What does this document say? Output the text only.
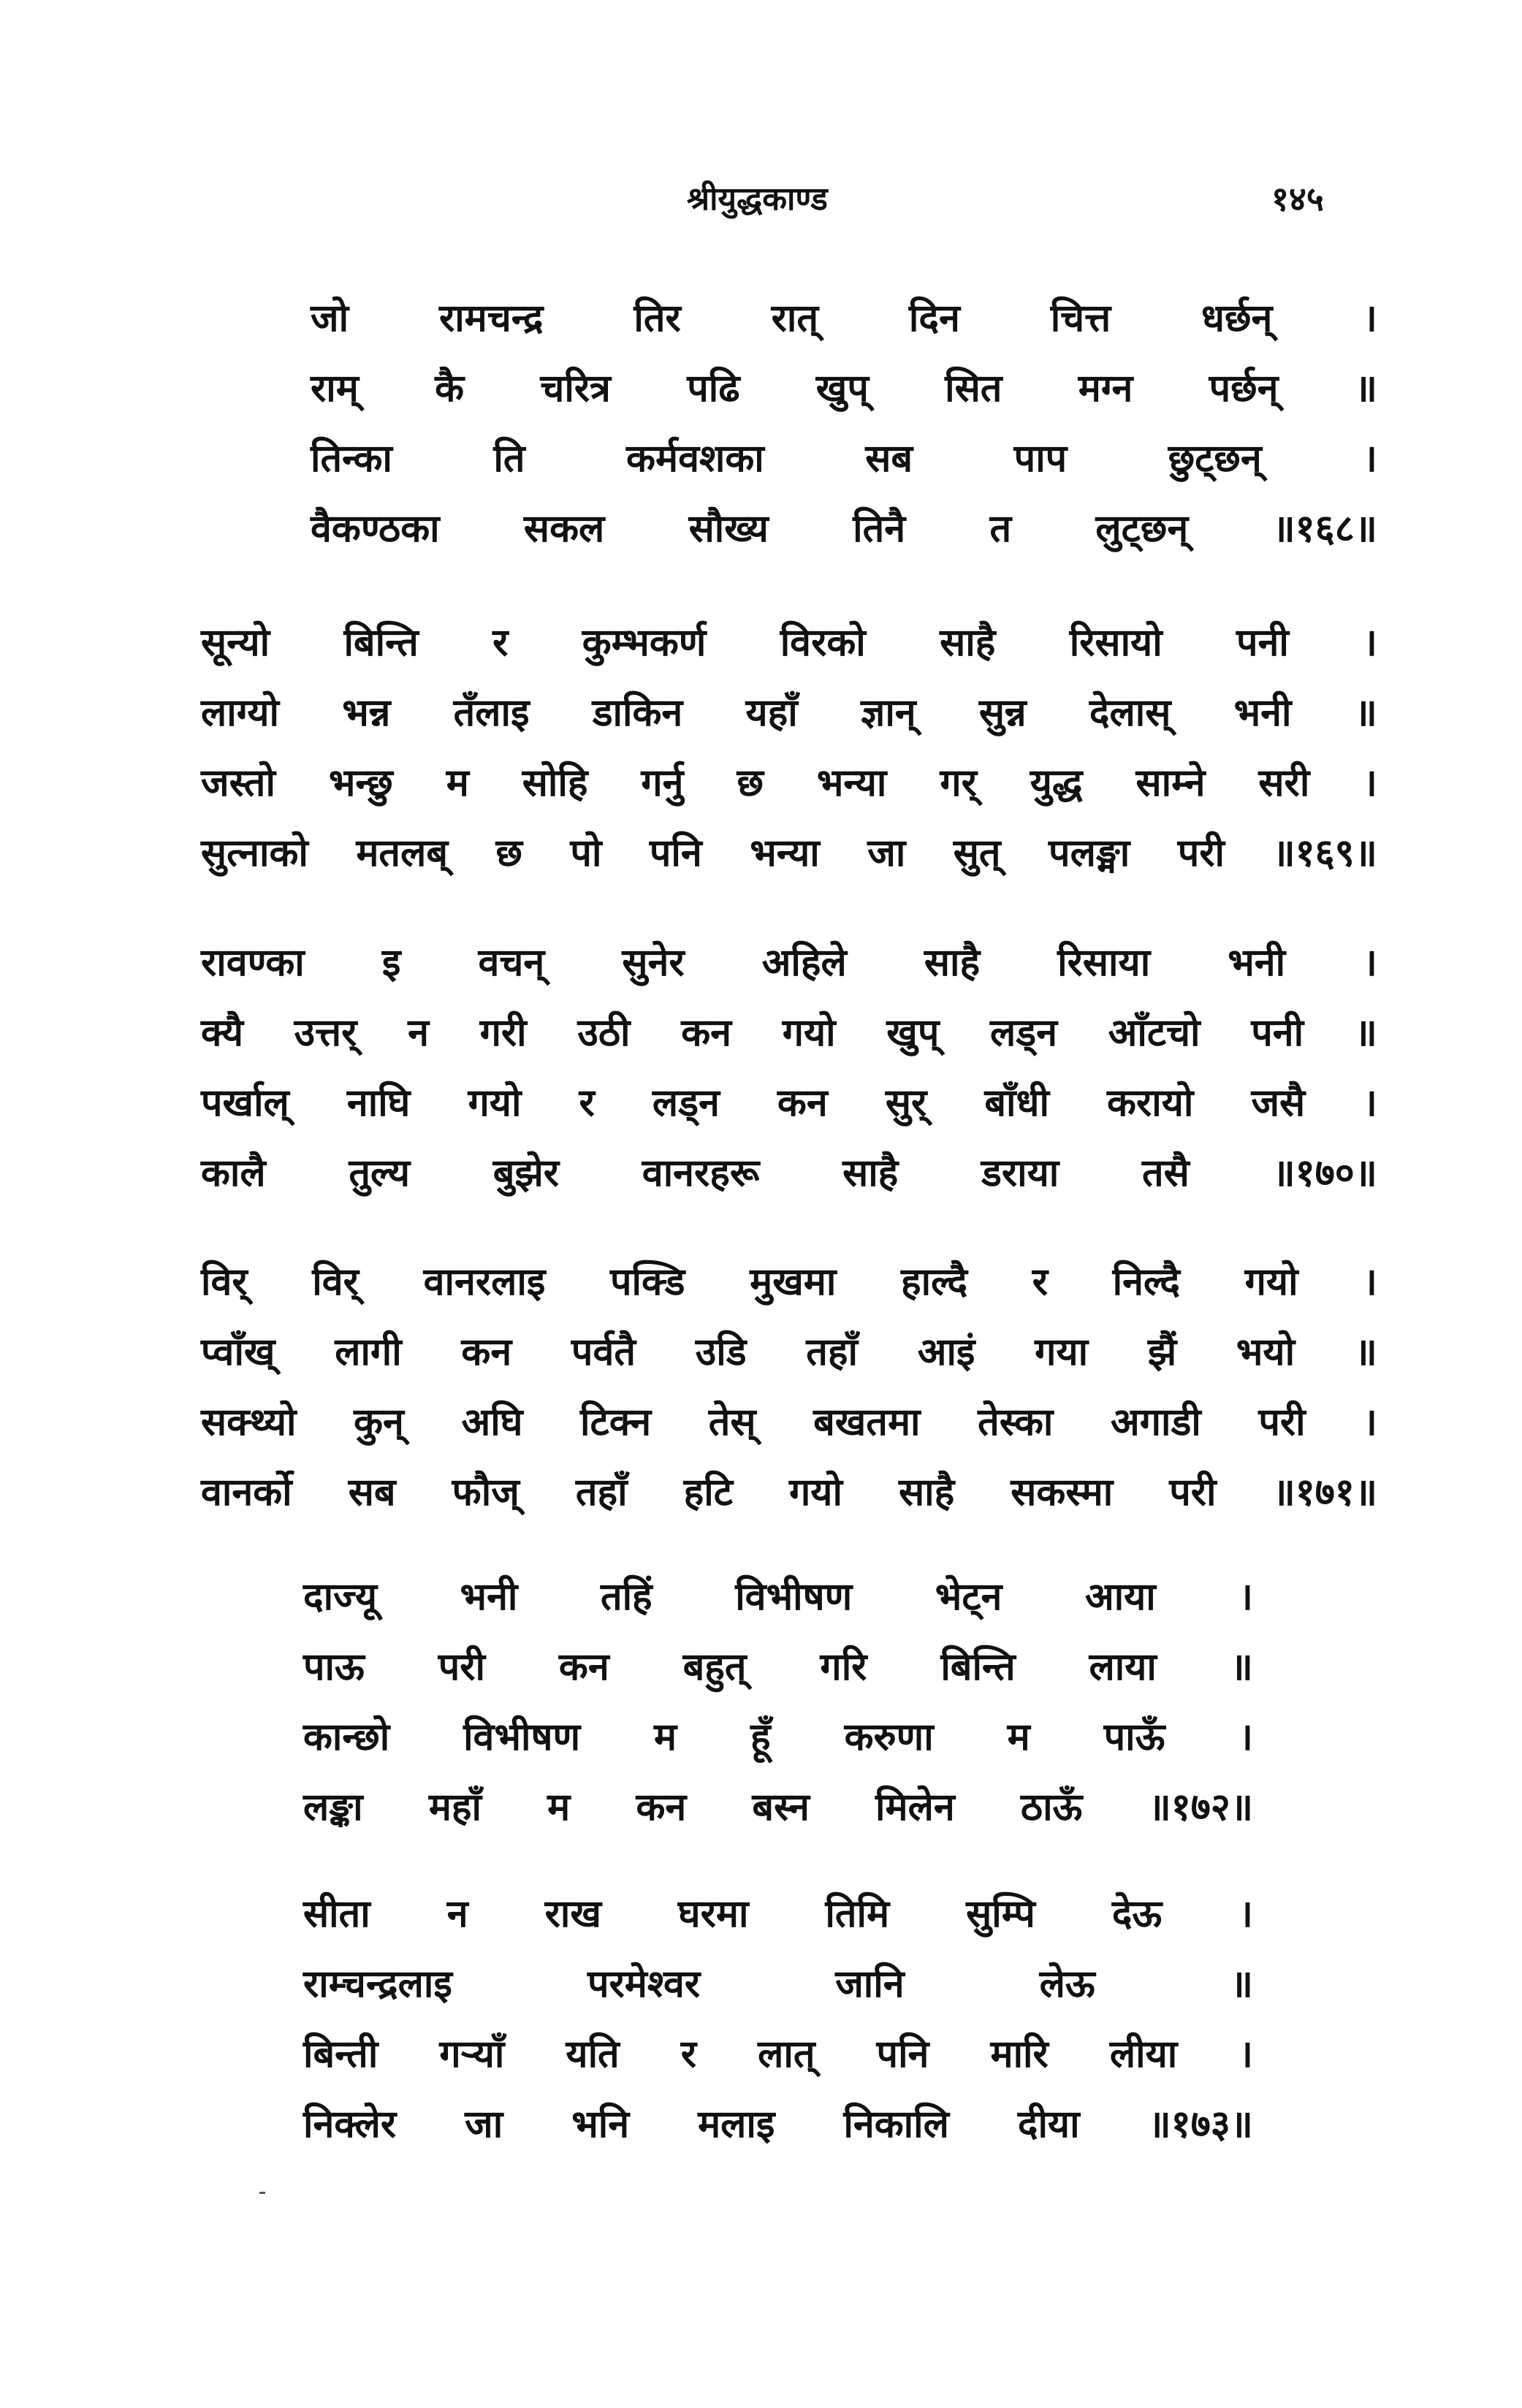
श्रीयुद्धकाण्ड	१४५
जो रामचन्द्र तिर रात् दिन चित्त धर्छन् ।
राम् कै चरित्र पढि खुप् सित मग्न पर्छन् ॥
तिन्का	ति	कर्मवशका	सब	पाप	छुट्छन्	।
वैकण्ठका सकल सौख्य तिनै त लुट्छन् ॥१६८॥
सून्यो बिन्ति र कुम्भकर्ण विरको साहै रिसायो पनी ।
लाग्यो भन्न तँलाइ डाकिन यहाँ ज्ञान् सुन्न देलास् भनी ॥
जस्तो भन्छु म सोहि गर्नु छ भन्या गर् युद्ध साम्ने सरी ।
सुत्नाको मतलब् छ पो पनि भन्या जा सुत् पलङ्मा परी ॥१६९॥
रावण्का इ वचन् सुनेर अहिले साहै रिसाया भनी ।
क्यै उत्तर् न गरी उठी कन गयो खुप् लड्न आँटचो पनी ॥
पर्खाल् नाघि गयो र लड्न कन सुर् बाँधी करायो जसै ।
कालै तुल्य बुझेर वानरहरू साहै डराया तसै ॥१७०॥
विर् विर् वानरलाइ पक्डि मुखमा हाल्दै र निल्दै गयो ।
प्वाँख् लागी कन पर्वतै उडि तहाँ आइं गया झैं भयो ॥
सक्थ्यो कुन् अघि टिक्न तेस् बखतमा तेस्का अगाडी परी ।
वानर्को सब फौज् तहाँ हटि गयो साहै सकस्मा परी ॥१७१॥
दाज्यू भनी तहिं विभीषण भेट्न आया ।
पाऊ परी कन बहुत् गरि बिन्ति लाया ॥
कान्छो विभीषण म हूँ करुणा म पाऊँ ।
लङ्का महाँ म कन बस्न मिलेन ठाऊँ ॥१७२॥
सीता न राख घरमा तिमि सुम्पि देऊ ।
राम्चन्द्रलाइ	परमेश्वर	जानि	लेऊ	॥
बिन्ती गर्‍याँ यति र लात् पनि मारि लीया ।
निक्लेर जा भनि मलाइ निकालि दीया ॥१७३॥
